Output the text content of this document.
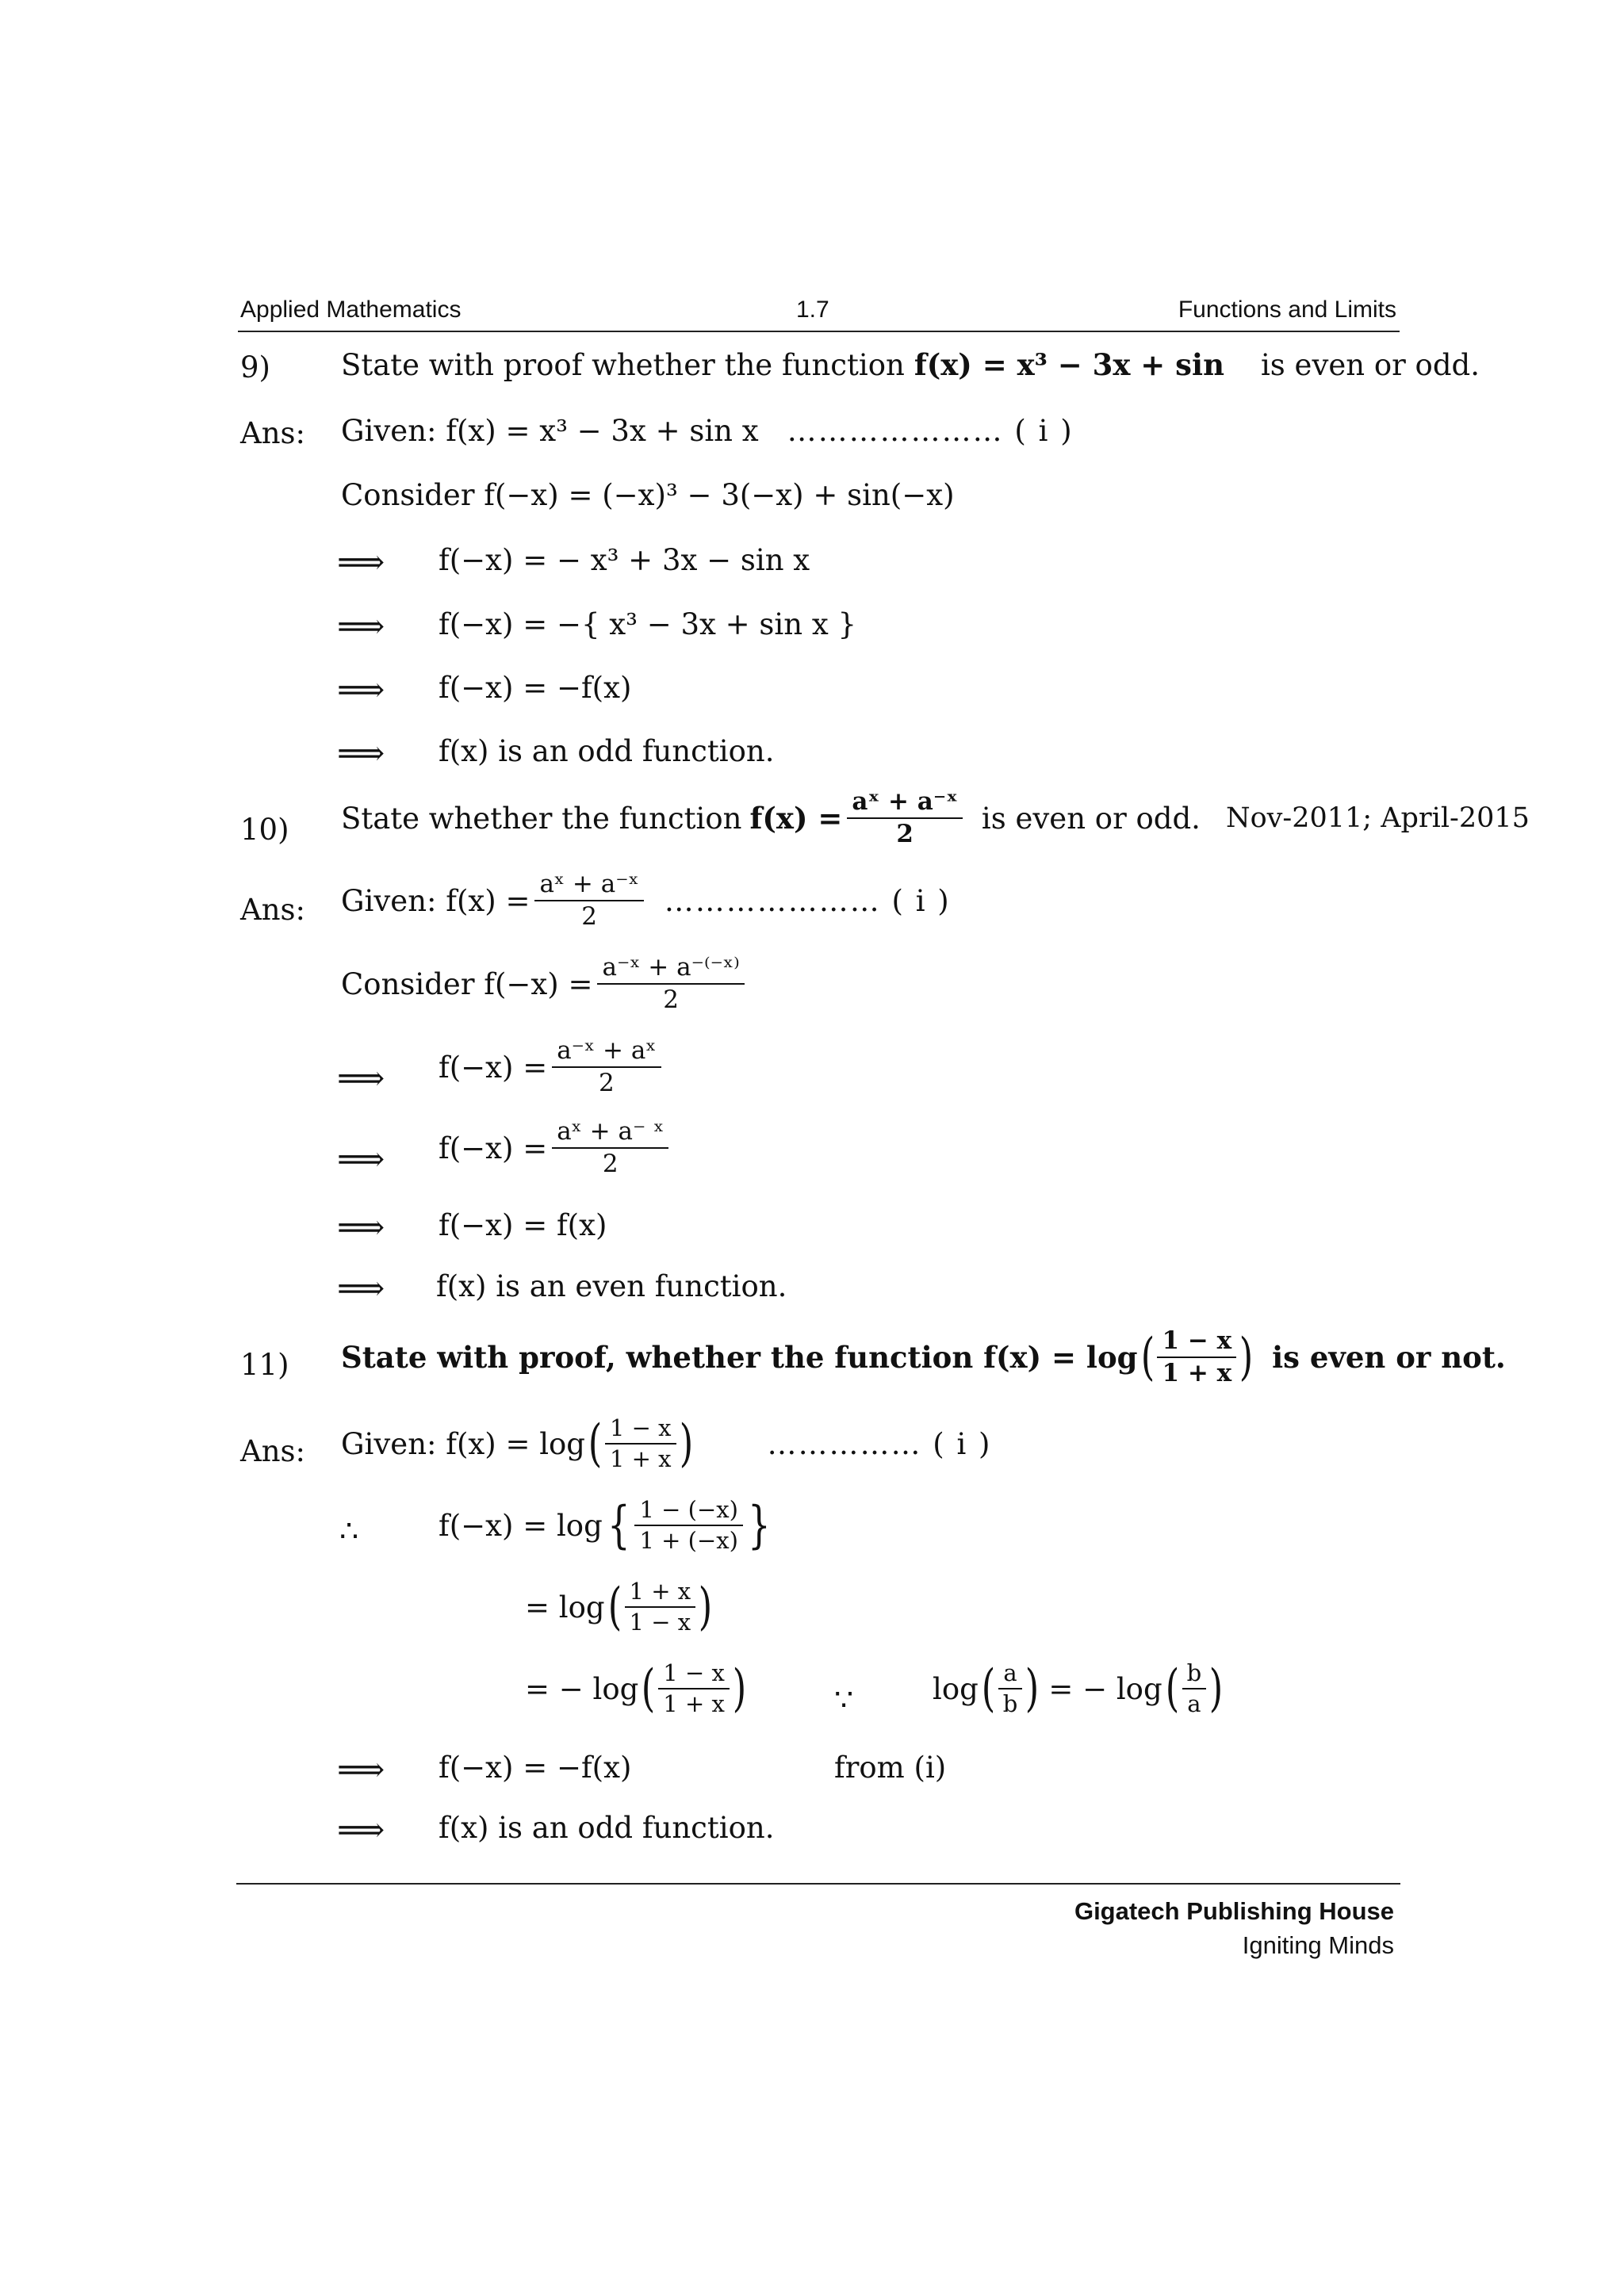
Applied Mathematics	1.7	Functions and Limits
9) State with proof whether the function f(x) = x³ − 3x + sin is even or odd.
Ans: Given: f(x) = x³ − 3x + sin x ………………… ( i )
Consider f(−x) = (−x)³ − 3(−x) + sin(−x)
⟹ f(−x) = − x³ + 3x − sin x
⟹ f(−x) = −{ x³ − 3x + sin x }
⟹ f(−x) = −f(x)
⟹ f(x) is an odd function.
10) State whether the function $f(x) = \frac{\text{aˣ + a⁻ˣ}}{2}$ is even or odd. Nov-2011; April-2015
Ans: Given: $f(x) = \frac{\text{aˣ + a⁻ˣ}}{2}$ ………………… ( i )
Consider $f(-x) = \frac{\text{a⁻ˣ + a⁻⁽⁻ˣ⁾}}{2}$
⟹ $f(-x) = \frac{\text{a⁻ˣ + aˣ}}{2}$
⟹ $f(-x) = \frac{\text{aˣ + a⁻ ˣ}}{2}$
⟹ f(−x) = f(x)
⟹ f(x) is an even function.
11) State with proof, whether the function f(x) = log ( $\frac{1 - x}{1 + x}$ ) is even or not.
Ans: Given: f(x) = log ( $\frac{1 - x}{1 + x}$ )	…………… ( i )
∴	f(−x) = log { $\frac{1 - (-x)}{1 + (-x)}$ }
= log ( $\frac{1 + x}{1 - x}$ )
= − log ( $\frac{1 - x}{1 + x}$ )	∵	log ( $\frac{a}{b}$ ) = − log ( $\frac{b}{a}$ )
⟹ f(−x) = −f(x)	from (i)
⟹ f(x) is an odd function.
Gigatech Publishing House
Igniting Minds
